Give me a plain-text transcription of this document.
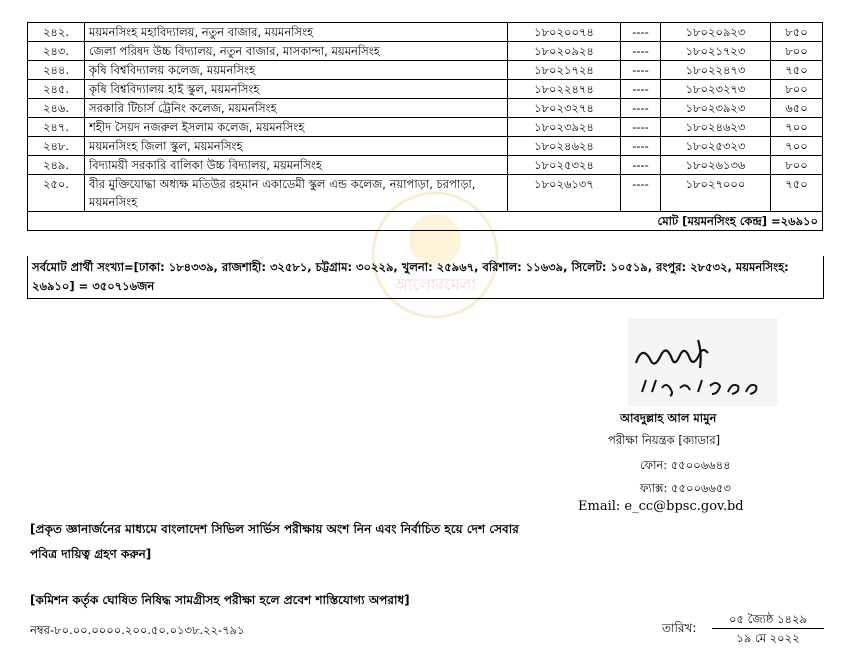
আলোরমেলা
২৪২.	ময়মনসিংহ মহাবিদ্যালয়, নতুন বাজার, ময়মনসিংহ	১৮০২০০৭৪	----	১৮০২০৯২৩	৮৫০
২৪৩.	জেলা পরিষদ উচ্চ বিদ্যালয়, নতুন বাজার, মাসকান্দা, ময়মনসিংহ	১৮০২০৯২৪	----	১৮০২১৭২৩	৮০০
২৪৪.	কৃষি বিশ্ববিদ্যালয় কলেজ, ময়মনসিংহ	১৮০২১৭২৪	----	১৮০২২৪৭৩	৭৫০
২৪৫.	কৃষি বিশ্ববিদ্যালয় হাই স্কুল, ময়মনসিংহ	১৮০২২৪৭৪	----	১৮০২৩২৭৩	৮০০
২৪৬.	সরকারি টিচার্স ট্রেনিং কলেজ, ময়মনসিংহ	১৮০২৩২৭৪	----	১৮০২৩৯২৩	৬৫০
২৪৭.	শহীদ সৈয়দ নজরুল ইসলাম কলেজ, ময়মনসিংহ	১৮০২৩৯২৪	----	১৮০২৪৬২৩	৭০০
২৪৮.	ময়মনসিংহ জিলা স্কুল, ময়মনসিংহ	১৮০২৪৬২৪	----	১৮০২৫৩২৩	৭০০
২৪৯.	বিদ্যাময়ী সরকারি বালিকা উচ্চ বিদ্যালয়, ময়মনসিংহ	১৮০২৫৩২৪	----	১৮০২৬১৩৬	৮০০
২৫০.	বীর মুক্তিযোদ্ধা অধ্যক্ষ মতিউর রহমান একাডেমী স্কুল এন্ড কলেজ, নয়াপাড়া, চরপাড়া, ময়মনসিংহ	১৮০২৬১৩৭	----	১৮০২৭০০০	৭৫০
মোট [ময়মনসিংহ কেন্দ্র] =২৬৯১০					
সর্বমোট প্রার্থী সংখ্যা=[ঢাকা: ১৮৪৩৩৯, রাজশাহী: ৩২৫৮১, চট্টগ্রাম: ৩০২২৯, খুলনা: ২৫৯৬৭, বরিশাল: ১১৬৩৯, সিলেট: ১০৫১৯, রংপুর: ২৮৫৩২, ময়মনসিংহ: ২৬৯১০] = ৩৫০৭১৬জন
আবদুল্লাহ আল মামুন
পরীক্ষা নিয়ন্ত্রক [ক্যাডার]
ফোন: ৫৫০০৬৬৪৪
ফ্যাক্স: ৫৫০০৬৬৫৩
Email: e_cc@bpsc.gov.bd
[প্রকৃত জ্ঞানার্জনের মাধ্যমে বাংলাদেশ সিভিল সার্ভিস পরীক্ষায় অংশ নিন এবং নির্বাচিত হয়ে দেশ সেবার পবিত্র দায়িত্ব গ্রহণ করুন]
[কমিশন কর্তৃক ঘোষিত নিষিদ্ধ সামগ্রীসহ পরীক্ষা হলে প্রবেশ শাস্তিযোগ্য অপরাধ]
নম্বর-৮০.০০.০০০০.২০০.৫০.০১৩৮.২২-৭৯১	তারিখ:
০৫ জ্যৈষ্ঠ ১৪২৯
১৯ মে ২০২২
